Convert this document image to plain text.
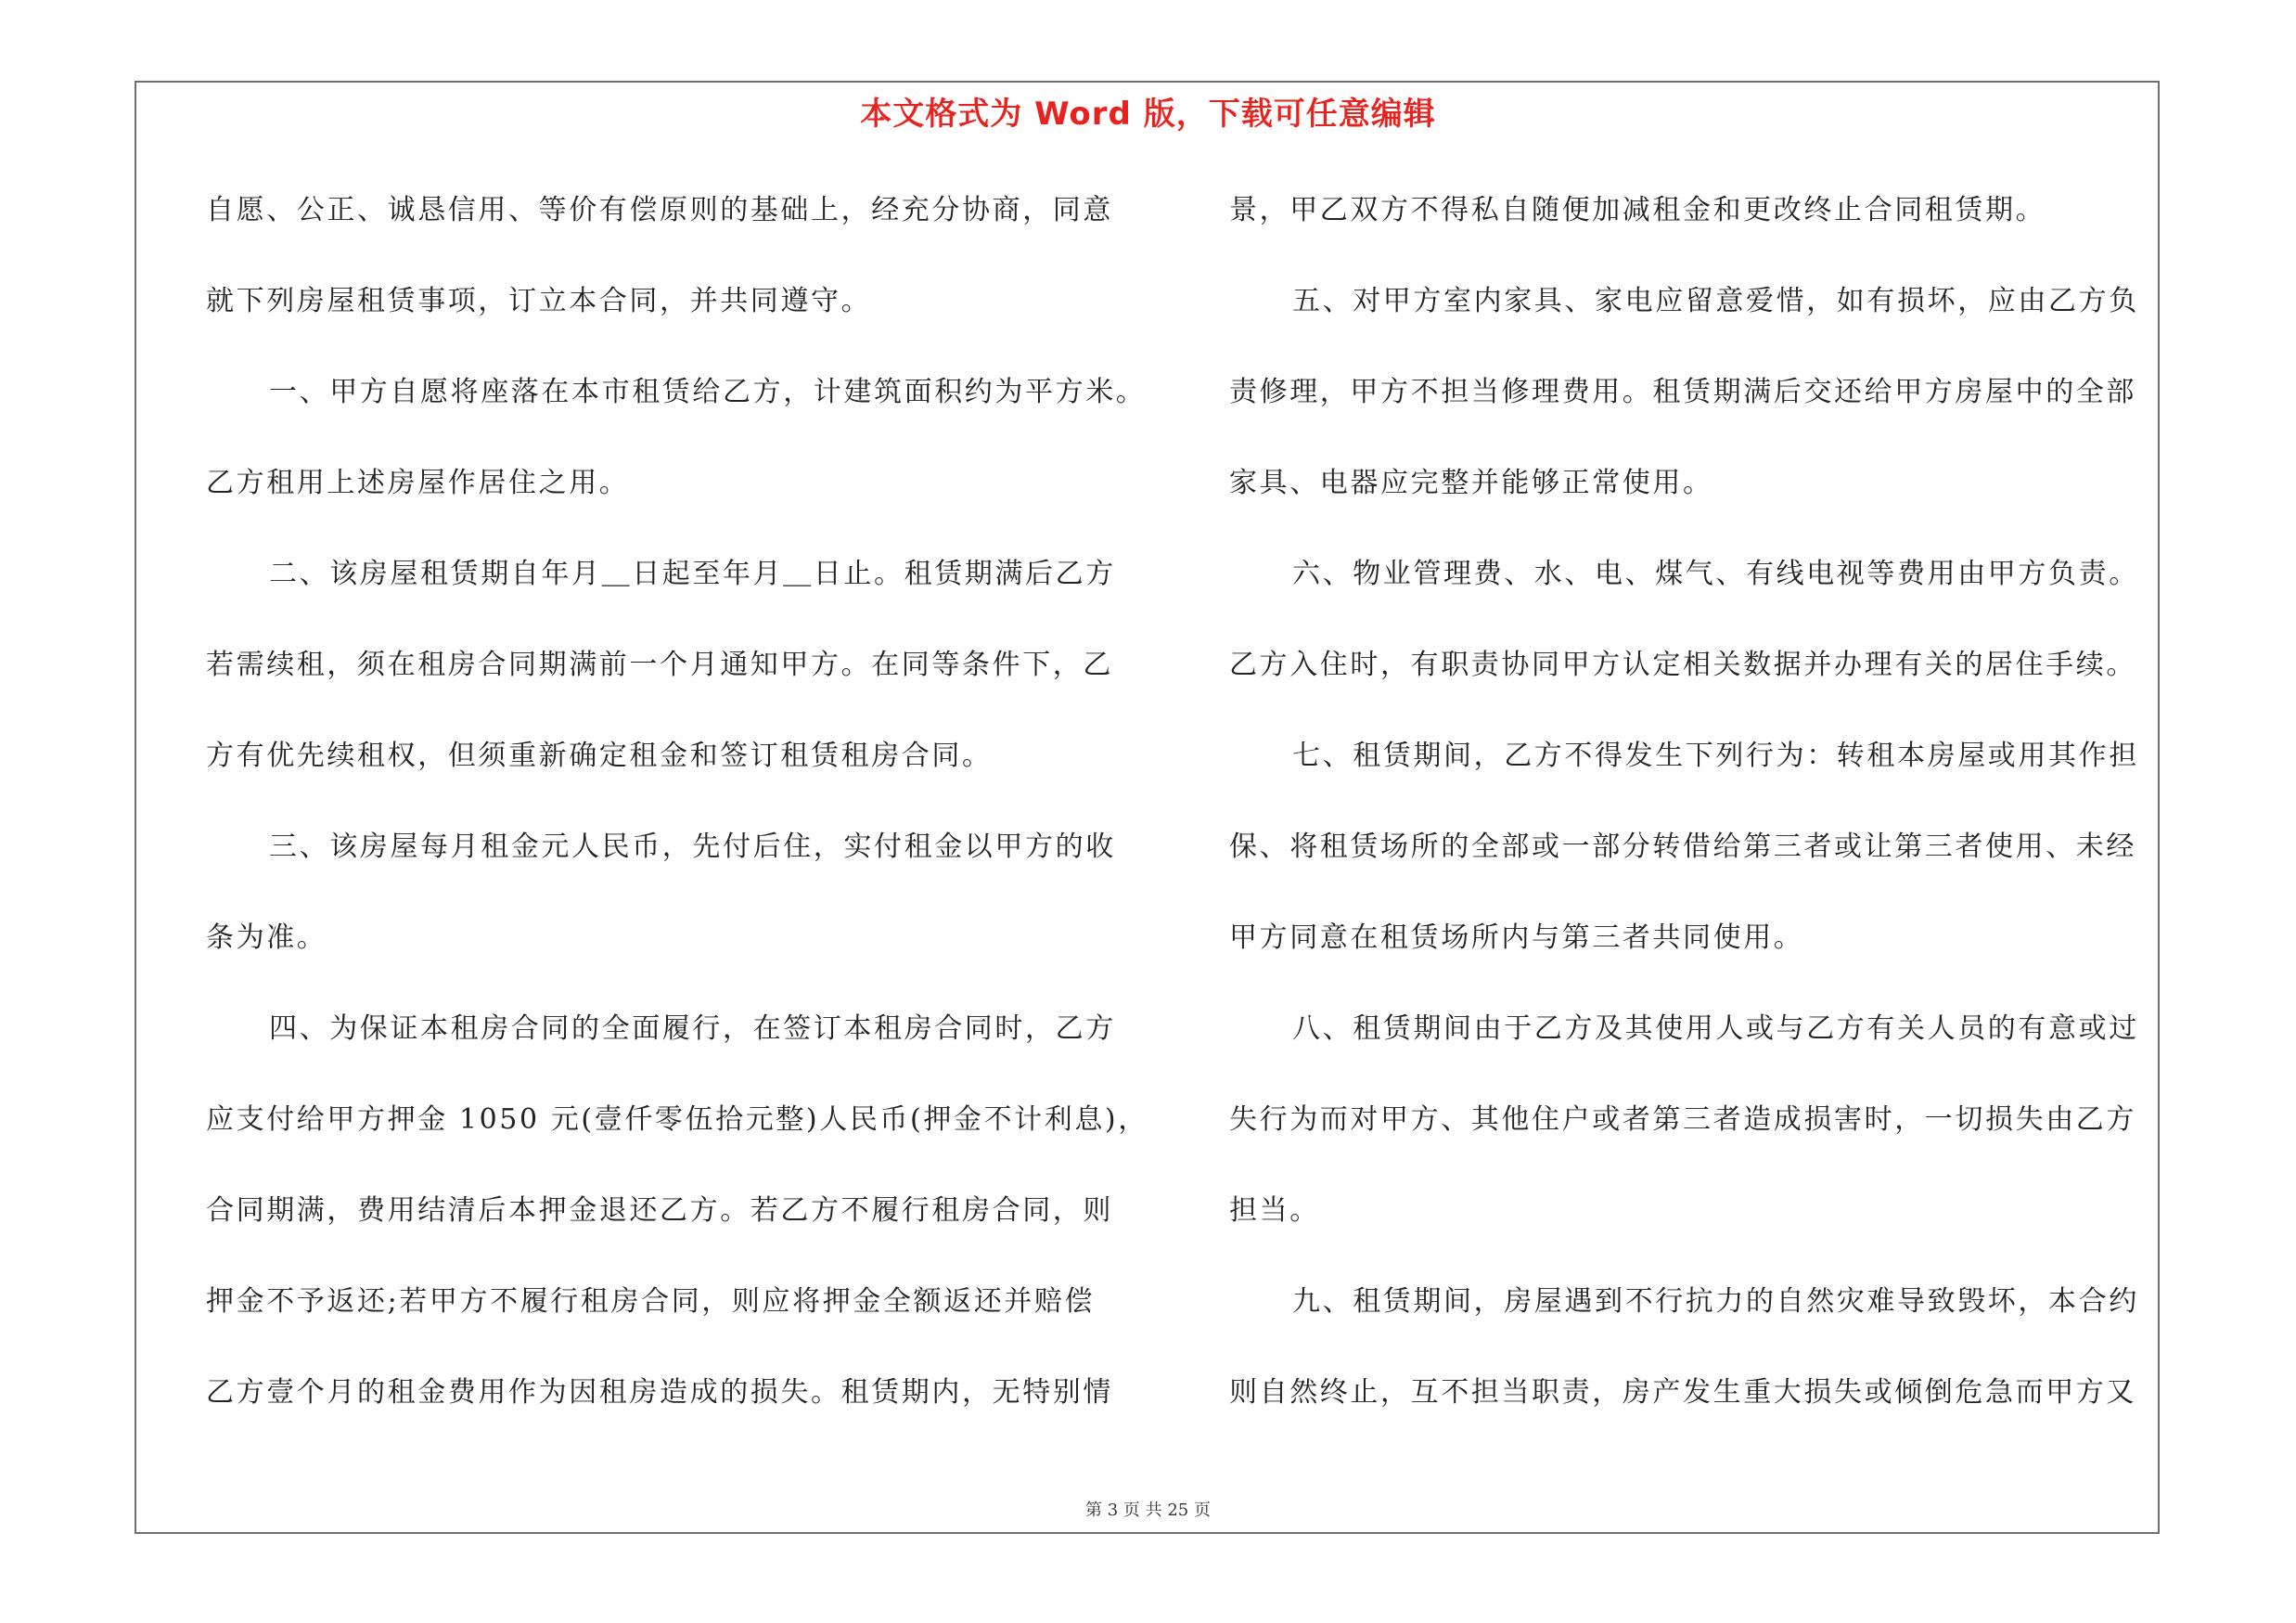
本文格式为 Word 版，下载可任意编辑
自愿、公正、诚恳信用、等价有偿原则的基础上，经充分协商，同意
就下列房屋租赁事项，订立本合同，并共同遵守。
一、甲方自愿将座落在本市租赁给乙方，计建筑面积约为平方米。
乙方租用上述房屋作居住之用。
二、该房屋租赁期自年月＿日起至年月＿日止。租赁期满后乙方
若需续租，须在租房合同期满前一个月通知甲方。在同等条件下，乙
方有优先续租权，但须重新确定租金和签订租赁租房合同。
三、该房屋每月租金元人民币，先付后住，实付租金以甲方的收
条为准。
四、为保证本租房合同的全面履行，在签订本租房合同时，乙方
应支付给甲方押金 1050 元(壹仟零伍拾元整)人民币(押金不计利息)，
合同期满，费用结清后本押金退还乙方。若乙方不履行租房合同，则
押金不予返还;若甲方不履行租房合同，则应将押金全额返还并赔偿
乙方壹个月的租金费用作为因租房造成的损失。租赁期内，无特别情
景，甲乙双方不得私自随便加减租金和更改终止合同租赁期。
五、对甲方室内家具、家电应留意爱惜，如有损坏，应由乙方负
责修理，甲方不担当修理费用。租赁期满后交还给甲方房屋中的全部
家具、电器应完整并能够正常使用。
六、物业管理费、水、电、煤气、有线电视等费用由甲方负责。
乙方入住时，有职责协同甲方认定相关数据并办理有关的居住手续。
七、租赁期间，乙方不得发生下列行为：转租本房屋或用其作担
保、将租赁场所的全部或一部分转借给第三者或让第三者使用、未经
甲方同意在租赁场所内与第三者共同使用。
八、租赁期间由于乙方及其使用人或与乙方有关人员的有意或过
失行为而对甲方、其他住户或者第三者造成损害时，一切损失由乙方
担当。
九、租赁期间，房屋遇到不行抗力的自然灾难导致毁坏，本合约
则自然终止，互不担当职责，房产发生重大损失或倾倒危急而甲方又
第 3 页 共 25 页
